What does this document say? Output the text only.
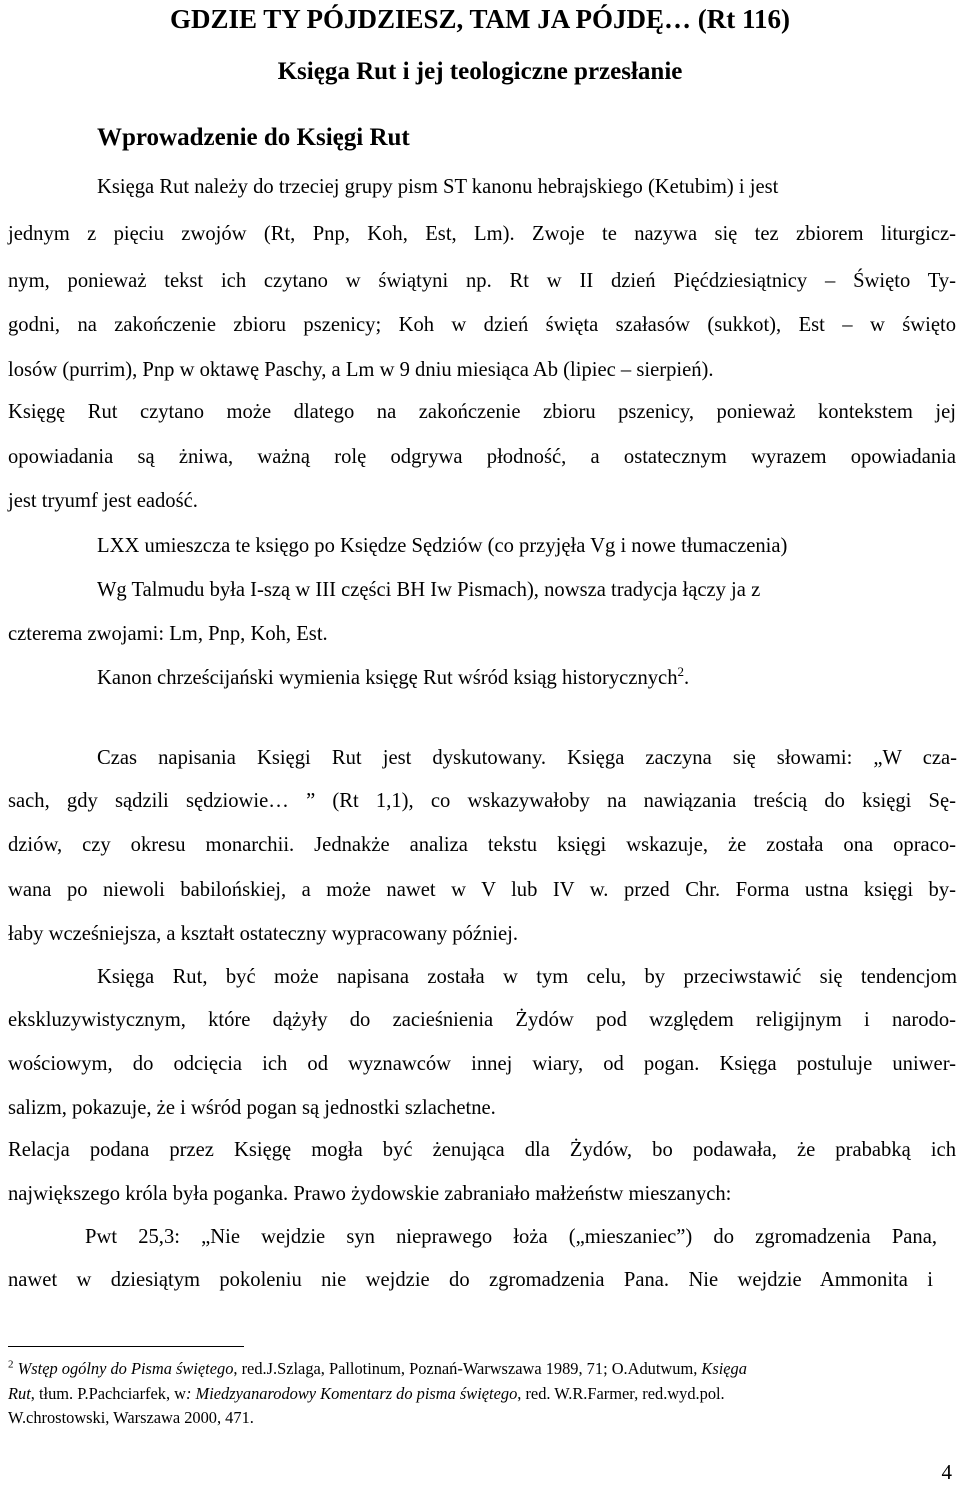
GDZIE TY PÓJDZIESZ, TAM JA PÓJDĘ… (Rt 116)
Księga Rut i jej teologiczne przesłanie
Wprowadzenie do Księgi Rut
Księga Rut należy do trzeciej grupy pism ST kanonu hebrajskiego (Ketubim) i jest
jednym z pięciu zwojów (Rt, Pnp, Koh, Est, Lm). Zwoje te nazywa się tez zbiorem liturgicz-
nym, ponieważ tekst ich czytano w świątyni np. Rt w II dzień Pięćdziesiątnicy – Święto Ty-
godni, na zakończenie zbioru pszenicy; Koh w dzień święta szałasów (sukkot), Est – w święto
losów (purrim), Pnp w oktawę Paschy, a Lm w 9 dniu miesiąca Ab (lipiec – sierpień).
Księgę Rut czytano może dlatego na zakończenie zbioru pszenicy, ponieważ kontekstem jej
opowiadania są żniwa, ważną rolę odgrywa płodność, a ostatecznym wyrazem opowiadania
jest tryumf jest eadość.
LXX umieszcza te księgo po Księdze Sędziów (co przyjęła Vg i nowe tłumaczenia)
Wg Talmudu była I-szą w III części BH Iw Pismach), nowsza tradycja łączy ja z
czterema zwojami: Lm, Pnp, Koh, Est.
Kanon chrześcijański wymienia księgę Rut wśród ksiąg historycznych$^2$.
Czas napisania Księgi Rut jest dyskutowany. Księga zaczyna się słowami: „W cza-
sach, gdy sądzili sędziowie… ” (Rt 1,1), co wskazywałoby na nawiązania treścią do księgi Sę-
dziów, czy okresu monarchii. Jednakże analiza tekstu księgi wskazuje, że została ona opraco-
wana po niewoli babilońskiej, a może nawet w V lub IV w. przed Chr. Forma ustna księgi by-
łaby wcześniejsza, a kształt ostateczny wypracowany później.
Księga Rut, być może napisana została w tym celu, by przeciwstawić się tendencjom
ekskluzywistycznym, które dążyły do zacieśnienia Żydów pod względem religijnym i narodo-
wościowym, do odcięcia ich od wyznawców innej wiary, od pogan. Księga postuluje uniwer-
salizm, pokazuje, że i wśród pogan są jednostki szlachetne.
Relacja podana przez Księgę mogła być żenująca dla Żydów, bo podawała, że prababką ich
największego króla była poganka. Prawo żydowskie zabraniało małżeństw mieszanych:
Pwt 25,3: „Nie wejdzie syn nieprawego łoża („mieszaniec”) do zgromadzenia Pana,
nawet w dziesiątym pokoleniu nie wejdzie do zgromadzenia Pana. Nie wejdzie Ammonita i
$^2$ Wstęp ogólny do Pisma świętego, red.J.Szlaga, Pallotinum, Poznań-Warwszawa 1989, 71; O.Adutwum, Księga
Rut, tłum. P.Pachciarfek, w: Miedzyanarodowy Komentarz do pisma świętego, red. W.R.Farmer, red.wyd.pol.
W.chrostowski, Warszawa 2000, 471.
4
